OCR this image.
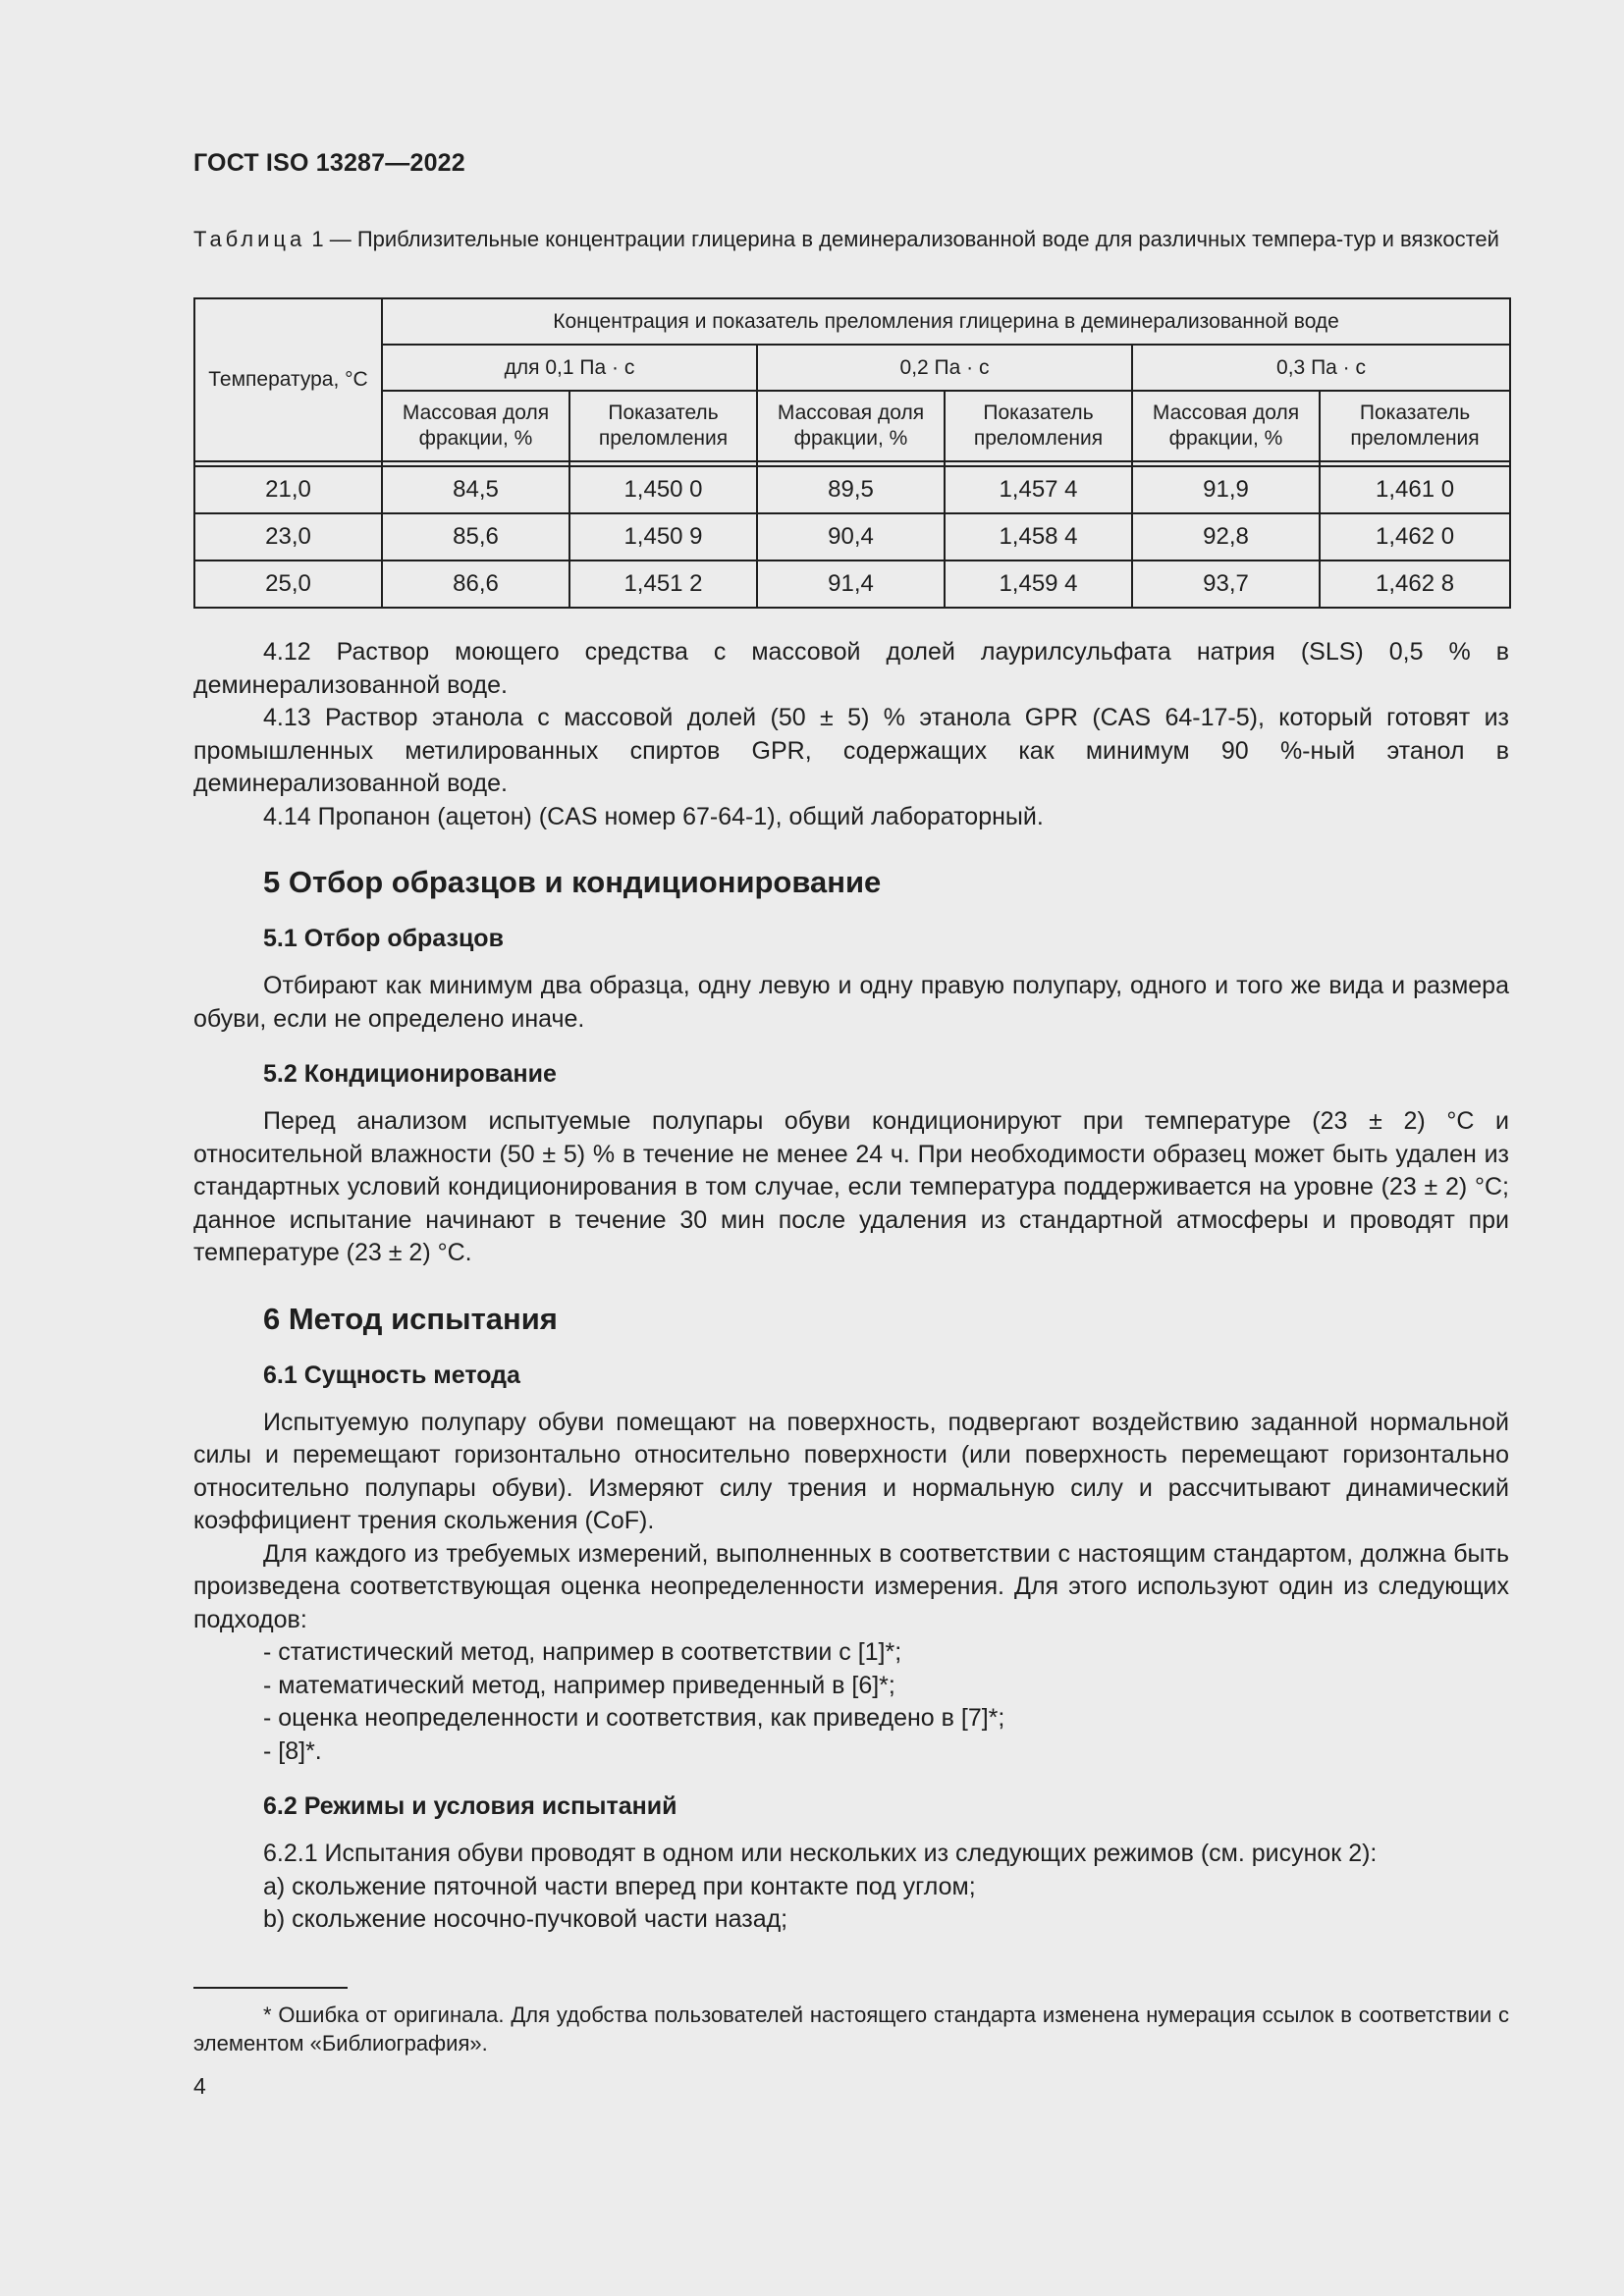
ГОСТ ISO 13287—2022
Таблица 1 — Приблизительные концентрации глицерина в деминерализованной воде для различных темпера-тур и вязкостей
Температура, °С	Концентрация и показатель преломления глицерина в деминерализованной воде					
	для 0,1 Па · с		0,2 Па · с		0,3 Па · с	
	Массовая доля фракции, %	Показатель преломления	Массовая доля фракции, %	Показатель преломления	Массовая доля фракции, %	Показатель преломления

21,0	84,5	1,450 0	89,5	1,457 4	91,9	1,461 0
23,0	85,6	1,450 9	90,4	1,458 4	92,8	1,462 0
25,0	86,6	1,451 2	91,4	1,459 4	93,7	1,462 8

4.12 Раствор моющего средства с массовой долей лаурилсульфата натрия (SLS) 0,5 % в деминерализованной воде.

4.13 Раствор этанола с массовой долей (50 ± 5) % этанола GPR (CAS 64-17-5), который готовят из промышленных метилированных спиртов GPR, содержащих как минимум 90 %-ный этанол в деминерализованной воде.

4.14 Пропанон (ацетон) (CAS номер 67-64-1), общий лабораторный.

5 Отбор образцов и кондиционирование
5.1 Отбор образцов

Отбирают как минимум два образца, одну левую и одну правую полупару, одного и того же вида и размера обуви, если не определено иначе.

5.2 Кондиционирование

Перед анализом испытуемые полупары обуви кондиционируют при температуре (23 ± 2) °С и относительной влажности (50 ± 5) % в течение не менее 24 ч. При необходимости образец может быть удален из стандартных условий кондиционирования в том случае, если температура поддерживается на уровне (23 ± 2) °С; данное испытание начинают в течение 30 мин после удаления из стандартной атмосферы и проводят при температуре (23 ± 2) °С.

6 Метод испытания
6.1 Сущность метода

Испытуемую полупару обуви помещают на поверхность, подвергают воздействию заданной нормальной силы и перемещают горизонтально относительно поверхности (или поверхность перемещают горизонтально относительно полупары обуви). Измеряют силу трения и нормальную силу и рассчитывают динамический коэффициент трения скольжения (CoF).

Для каждого из требуемых измерений, выполненных в соответствии с настоящим стандартом, должна быть произведена соответствующая оценка неопределенности измерения. Для этого используют один из следующих подходов:

- статистический метод, например в соответствии с [1]*;

- математический метод, например приведенный в [6]*;

- оценка неопределенности и соответствия, как приведено в [7]*;

- [8]*.

6.2 Режимы и условия испытаний

6.2.1 Испытания обуви проводят в одном или нескольких из следующих режимов (см. рисунок 2):

a) скольжение пяточной части вперед при контакте под углом;

b) скольжение носочно-пучковой части назад;

* Ошибка от оригинала. Для удобства пользователей настоящего стандарта изменена нумерация ссылок в соответствии с элементом «Библиография».

4
